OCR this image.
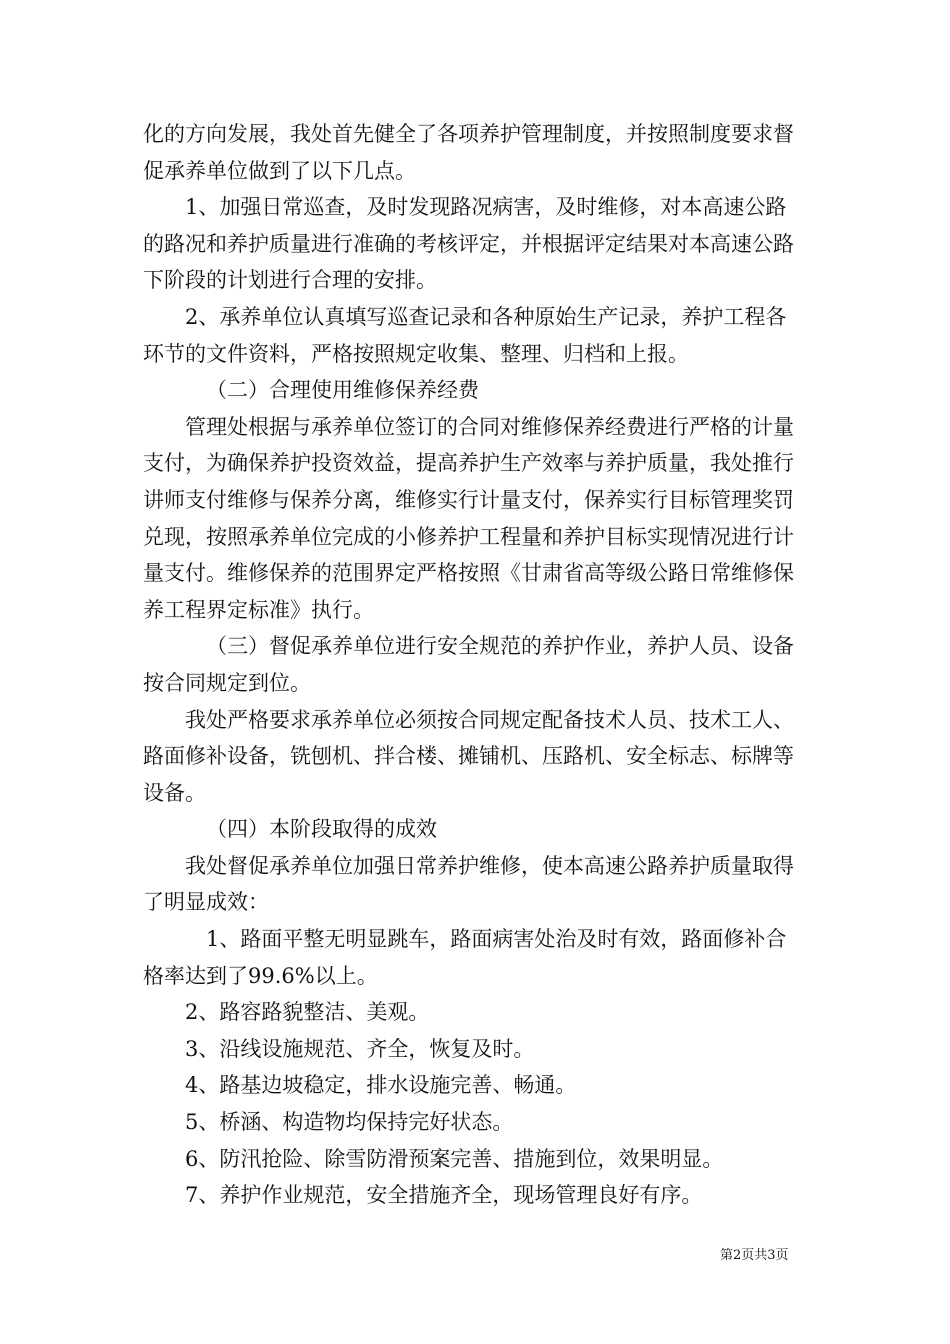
化的方向发展，我处首先健全了各项养护管理制度，并按照制度要求督促承养单位做到了以下几点。

1、加强日常巡查，及时发现路况病害，及时维修，对本高速公路的路况和养护质量进行准确的考核评定，并根据评定结果对本高速公路下阶段的计划进行合理的安排。

2、承养单位认真填写巡查记录和各种原始生产记录，养护工程各环节的文件资料，严格按照规定收集、整理、归档和上报。

（二）合理使用维修保养经费

管理处根据与承养单位签订的合同对维修保养经费进行严格的计量支付，为确保养护投资效益，提高养护生产效率与养护质量，我处推行讲师支付维修与保养分离，维修实行计量支付，保养实行目标管理奖罚兑现，按照承养单位完成的小修养护工程量和养护目标实现情况进行计量支付。维修保养的范围界定严格按照《甘肃省高等级公路日常维修保养工程界定标准》执行。

（三）督促承养单位进行安全规范的养护作业，养护人员、设备按合同规定到位。

我处严格要求承养单位必须按合同规定配备技术人员、技术工人、路面修补设备，铣刨机、拌合楼、摊铺机、压路机、安全标志、标牌等设备。

（四）本阶段取得的成效

我处督促承养单位加强日常养护维修，使本高速公路养护质量取得了明显成效：

1、路面平整无明显跳车，路面病害处治及时有效，路面修补合格率达到了99.6%以上。

2、路容路貌整洁、美观。

3、沿线设施规范、齐全，恢复及时。

4、路基边坡稳定，排水设施完善、畅通。

5、桥涵、构造物均保持完好状态。

6、防汛抢险、除雪防滑预案完善、措施到位，效果明显。

7、养护作业规范，安全措施齐全，现场管理良好有序。

第2页共3页
